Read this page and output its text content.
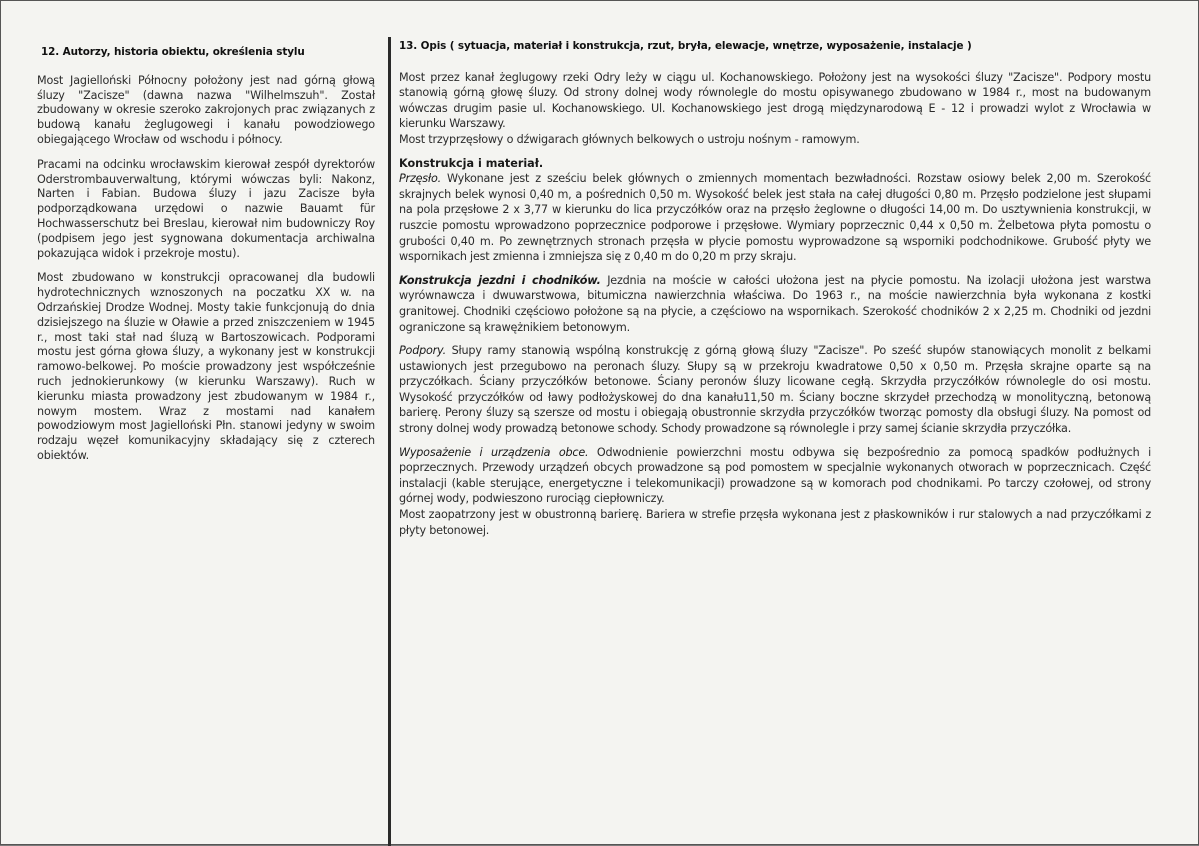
12. Autorzy, historia obiektu, określenia stylu

Most Jagielloński Północny położony jest nad górną głową śluzy "Zacisze" (dawna nazwa "Wilhelmszuh". Został zbudowany w okresie szeroko zakrojonych prac związanych z budową kanału żeglugowegi i kanału powodziowego obiegającego Wrocław od wschodu i północy.

Pracami na odcinku wrocławskim kierował zespół dyrektorów Oderstrombauverwaltung, którymi wówczas byli: Nakonz, Narten i Fabian. Budowa śluzy i jazu Zacisze była podporządkowana urzędowi o nazwie Bauamt für Hochwasserschutz bei Breslau, kierował nim budowniczy Roy (podpisem jego jest sygnowana dokumentacja archiwalna pokazująca widok i przekroje mostu).

Most zbudowano w konstrukcji opracowanej dla budowli hydrotechnicznych wznoszonych na poczatku XX w. na Odrzańskiej Drodze Wodnej. Mosty takie funkcjonują do dnia dzisiejszego na śluzie w Oławie a przed zniszczeniem w 1945 r., most taki stał nad śluzą w Bartoszowicach. Podporami mostu jest górna głowa śluzy, a wykonany jest w konstrukcji ramowo-belkowej. Po moście prowadzony jest współcześnie ruch jednokierunkowy (w kierunku Warszawy). Ruch w kierunku miasta prowadzony jest zbudowanym w 1984 r., nowym mostem. Wraz z mostami nad kanałem powodziowym most Jagielloński Płn. stanowi jedyny w swoim rodzaju węzeł komunikacyjny składający się z czterech obiektów.

13. Opis ( sytuacja, materiał i konstrukcja, rzut, bryła, elewacje, wnętrze, wyposażenie, instalacje )

Most przez kanał żeglugowy rzeki Odry leży w ciągu ul. Kochanowskiego. Położony jest na wysokości śluzy "Zacisze". Podpory mostu stanowią górną głowę śluzy. Od strony dolnej wody równolegle do mostu opisywanego zbudowano w 1984 r., most na budowanym wówczas drugim pasie ul. Kochanowskiego. Ul. Kochanowskiego jest drogą międzynarodową E - 12 i prowadzi wylot z Wrocławia w kierunku Warszawy.

Most trzyprzęsłowy o dźwigarach głównych belkowych o ustroju nośnym - ramowym.

Konstrukcja i materiał.

Przęsło. Wykonane jest z sześciu belek głównych o zmiennych momentach bezwładności. Rozstaw osiowy belek 2,00 m. Szerokość skrajnych belek wynosi 0,40 m, a pośrednich 0,50 m. Wysokość belek jest stała na całej długości 0,80 m. Przęsło podzielone jest słupami na pola przęsłowe 2 x 3,77 w kierunku do lica przyczółków oraz na przęsło żeglowne o długości 14,00 m. Do usztywnienia konstrukcji, w ruszcie pomostu wprowadzono poprzecznice podporowe i przęsłowe. Wymiary poprzecznic 0,44 x 0,50 m. Żelbetowa płyta pomostu o grubości 0,40 m. Po zewnętrznych stronach przęsła w płycie pomostu wyprowadzone są wsporniki podchodnikowe. Grubość płyty we wspornikach jest zmienna i zmniejsza się z 0,40 m do 0,20 m przy skraju.

Konstrukcja jezdni i chodników. Jezdnia na moście w całości ułożona jest na płycie pomostu. Na izolacji ułożona jest warstwa wyrównawcza i dwuwarstwowa, bitumiczna nawierzchnia właściwa. Do 1963 r., na moście nawierzchnia była wykonana z kostki granitowej. Chodniki częściowo położone są na płycie, a częściowo na wspornikach. Szerokość chodników 2 x 2,25 m. Chodniki od jezdni ograniczone są krawężnikiem betonowym.

Podpory. Słupy ramy stanowią wspólną konstrukcję z górną głową śluzy "Zacisze". Po sześć słupów stanowiących monolit z belkami ustawionych jest przegubowo na peronach śluzy. Słupy są w przekroju kwadratowe 0,50 x 0,50 m. Przęsła skrajne oparte są na przyczółkach. Ściany przyczółków betonowe. Ściany peronów śluzy licowane cegłą. Skrzydła przyczółków równolegle do osi mostu. Wysokość przyczółków od ławy podłożyskowej do dna kanału11,50 m. Ściany boczne skrzydeł przechodzą w monolityczną, betonową barierę. Perony śluzy są szersze od mostu i obiegają obustronnie skrzydła przyczółków tworząc pomosty dla obsługi śluzy. Na pomost od strony dolnej wody prowadzą betonowe schody. Schody prowadzone są równolegle i przy samej ścianie skrzydła przyczółka.

Wyposażenie i urządzenia obce. Odwodnienie powierzchni mostu odbywa się bezpośrednio za pomocą spadków podłużnych i poprzecznych. Przewody urządzeń obcych prowadzone są pod pomostem w specjalnie wykonanych otworach w poprzecznicach. Część instalacji (kable sterujące, energetyczne i telekomunikacji) prowadzone są w komorach pod chodnikami. Po tarczy czołowej, od strony górnej wody, podwieszono rurociąg ciepłowniczy.

Most zaopatrzony jest w obustronną barierę. Bariera w strefie przęsła wykonana jest z płaskowników i rur stalowych a nad przyczółkami z płyty betonowej.
